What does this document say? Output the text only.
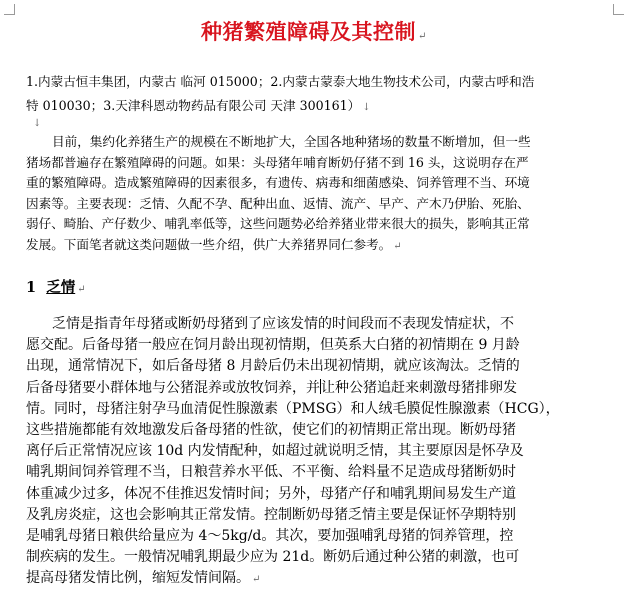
种猪繁殖障碍及其控制 ↵
1.内蒙古恒丰集团，内蒙古 临河 015000；2.内蒙古蒙泰大地生物技术公司，内蒙古呼和浩
特 010030；3.天津科恩动物药品有限公司 天津 300161） ↓
↓
目前，集约化养猪生产的规模在不断地扩大，全国各地种猪场的数量不断增加，但一些
猪场都普遍存在繁殖障碍的问题。如果：头母猪年哺育断奶仔猪不到 16 头，这说明存在严
重的繁殖障碍。造成繁殖障碍的因素很多，有遗传、病毒和细菌感染、饲养管理不当、环境
因素等。主要表现：乏情、久配不孕、配种出血、返情、流产、早产、产木乃伊胎、死胎、
弱仔、畸胎、产仔数少、哺乳率低等，这些问题势必给养猪业带来很大的损失，影响其正常
发展。下面笔者就这类问题做一些介绍，供广大养猪界同仁参考。 ↵
1 乏情 ↵
乏情是指青年母猪或断奶母猪到了应该发情的时间段而不表现发情症状，不
愿交配。后备母猪一般应在饲月龄出现初情期，但英系大白猪的初情期在 9 月龄
出现，通常情况下，如后备母猪 8 月龄后仍未出现初情期，就应该淘汰。乏情的
后备母猪要小群体地与公猪混养或放牧饲养，并让种公猪追赶来刺激母猪排卵发
情。同时，母猪注射孕马血清促性腺激素（PMSG）和人绒毛膜促性腺激素（HCG），
这些措施都能有效地激发后备母猪的性欲，使它们的初情期正常出现。断奶母猪
离仔后正常情况应该 10d 内发情配种，如超过就说明乏情，其主要原因是怀孕及
哺乳期间饲养管理不当，日粮营养水平低、不平衡、给料量不足造成母猪断奶时
体重减少过多，体况不佳推迟发情时间；另外，母猪产仔和哺乳期间易发生产道
及乳房炎症，这也会影响其正常发情。控制断奶母猪乏情主要是保证怀孕期特别
是哺乳母猪日粮供给量应为 4～5kg/d。其次，要加强哺乳母猪的饲养管理，控
制疾病的发生。一般情况哺乳期最少应为 21d。断奶后通过种公猪的刺激，也可
提高母猪发情比例，缩短发情间隔。 ↵
